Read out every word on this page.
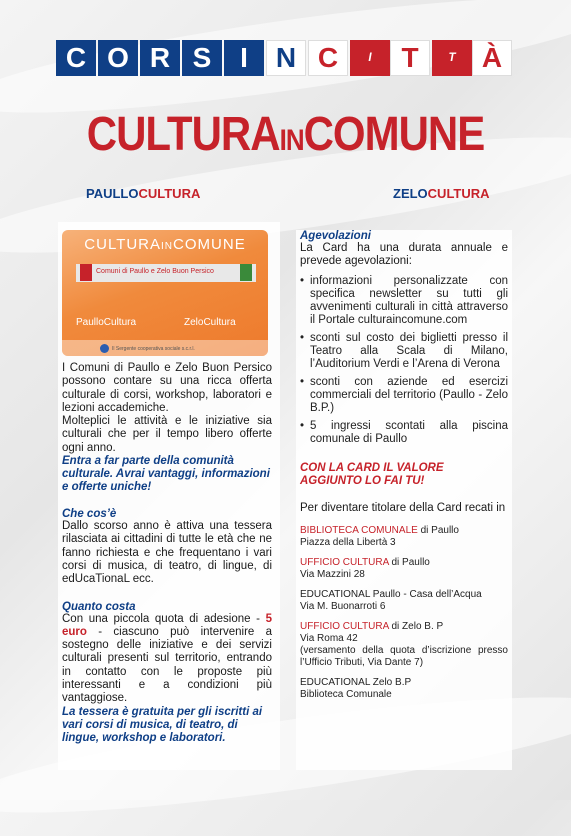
C O R S	I N C	I	T	T À
CULTURAINCOMUNE
PAULLOCULTURA	ZELOCULTURA
CULTURAINCOMUNE
Comuni di Paullo e Zelo Buon Persico
PaulloCultura	ZeloCultura
Il Sergente cooperativa sociale s.c.r.l.

I Comuni di Paullo e Zelo Buon Persico possono contare su una ricca offerta culturale di corsi, workshop, laboratori e lezioni accademiche.

Molteplici le attività e le iniziative sia culturali che per il tempo libero offerte ogni anno.

Entra a far parte della comunità culturale. Avrai vantaggi, informazioni e offerte uniche!

Che cos’è

Dallo scorso anno è attiva una tessera rilasciata ai cittadini di tutte le età che ne fanno richiesta e che frequentano i vari corsi di musica, di teatro, di lingue, di edUcaTionaL ecc.

Quanto costa

Con una piccola quota di adesione - 5 euro - ciascuno può intervenire a sostegno delle iniziative e dei servizi culturali presenti sul territorio, entrando in contatto con le proposte più interessanti e a condizioni più vantaggiose.

La tessera è gratuita per gli iscritti ai vari corsi di musica, di teatro, di lingue, workshop e laboratori.

Agevolazioni

La Card ha una durata annuale e prevede agevolazioni:

• informazioni personalizzate con specifica newsletter su tutti gli avvenimenti culturali in città attraverso il Portale culturaincomune.com
• sconti sul costo dei biglietti presso il Teatro alla Scala di Milano, l’Auditorium Verdi e l’Arena di Verona
• sconti con aziende ed esercizi commerciali del territorio (Paullo - Zelo B.P.)
• 5 ingressi scontati alla piscina comunale di Paullo

CON LA CARD IL VALORE AGGIUNTO LO FAI TU!

Per diventare titolare della Card recati in

BIBLIOTECA COMUNALE di Paullo

Piazza della Libertà 3

UFFICIO CULTURA di Paullo

Via Mazzini 28

EDUCATIONAL Paullo - Casa dell’Acqua

Via M. Buonarroti 6

UFFICIO CULTURA di Zelo B. P

Via Roma 42

(versamento della quota d’iscrizione presso l’Ufficio Tributi, Via Dante 7)

EDUCATIONAL Zelo B.P

Biblioteca Comunale
